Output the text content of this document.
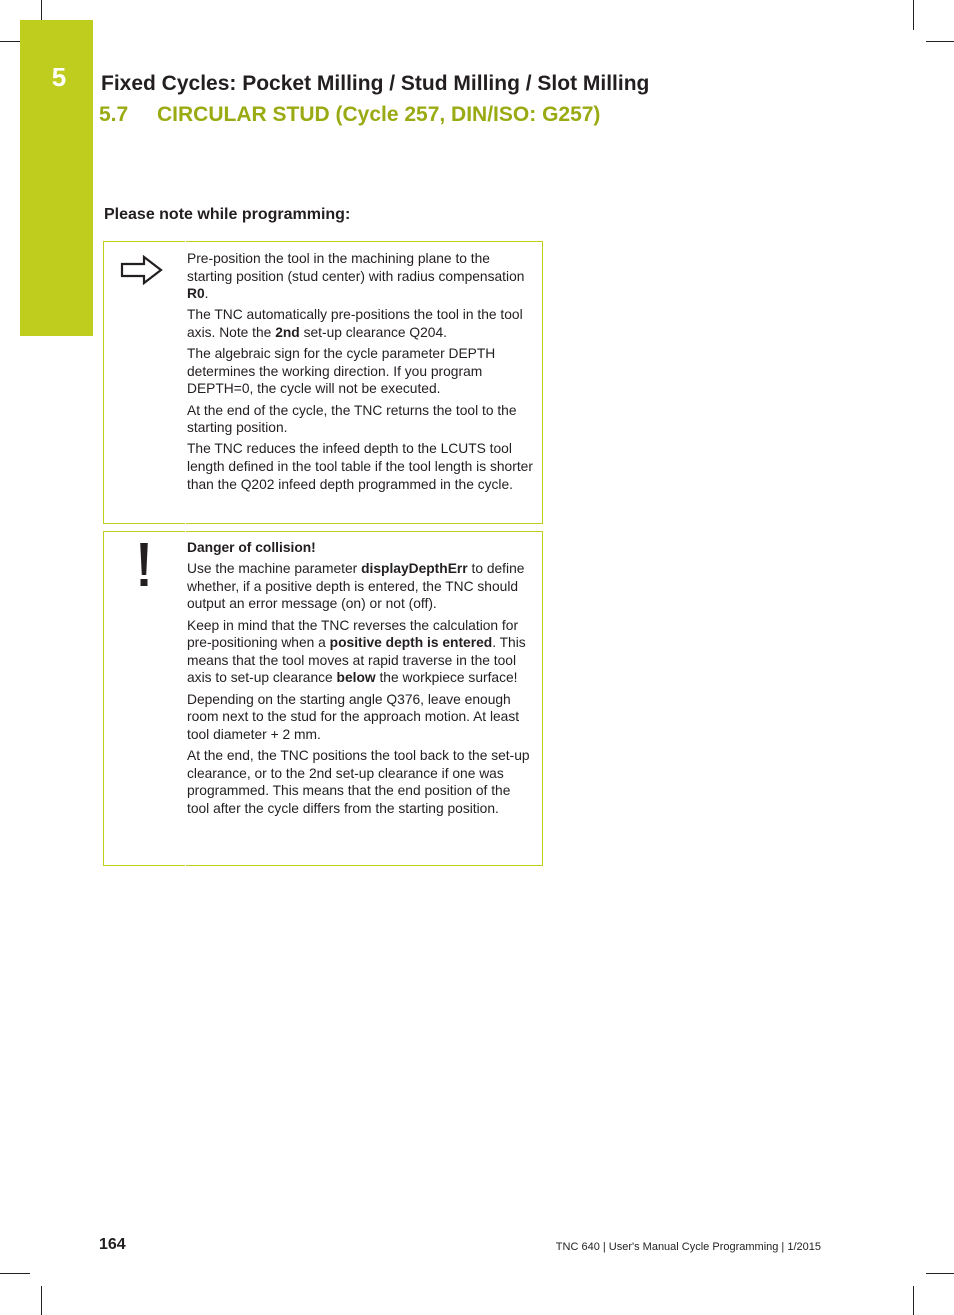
5	Fixed Cycles: Pocket Milling / Stud Milling / Slot Milling
5.7 CIRCULAR STUD (Cycle 257, DIN/ISO: G257)
Please note while programming:

Pre-position the tool in the machining plane to the starting position (stud center) with radius compensation R0.

The TNC automatically pre-positions the tool in the tool axis. Note the 2nd set-up clearance Q204.

The algebraic sign for the cycle parameter DEPTH determines the working direction. If you program DEPTH=0, the cycle will not be executed.

At the end of the cycle, the TNC returns the tool to the starting position.

The TNC reduces the infeed depth to the LCUTS tool length defined in the tool table if the tool length is shorter than the Q202 infeed depth programmed in the cycle.

Danger of collision!

Use the machine parameter displayDepthErr to define whether, if a positive depth is entered, the TNC should output an error message (on) or not (off).

Keep in mind that the TNC reverses the calculation for pre-positioning when a positive depth is entered. This means that the tool moves at rapid traverse in the tool axis to set-up clearance below the workpiece surface!

Depending on the starting angle Q376, leave enough room next to the stud for the approach motion. At least tool diameter + 2 mm.

At the end, the TNC positions the tool back to the set-up clearance, or to the 2nd set-up clearance if one was programmed. This means that the end position of the tool after the cycle differs from the starting position.

164	TNC 640 | User's Manual Cycle Programming | 1/2015
